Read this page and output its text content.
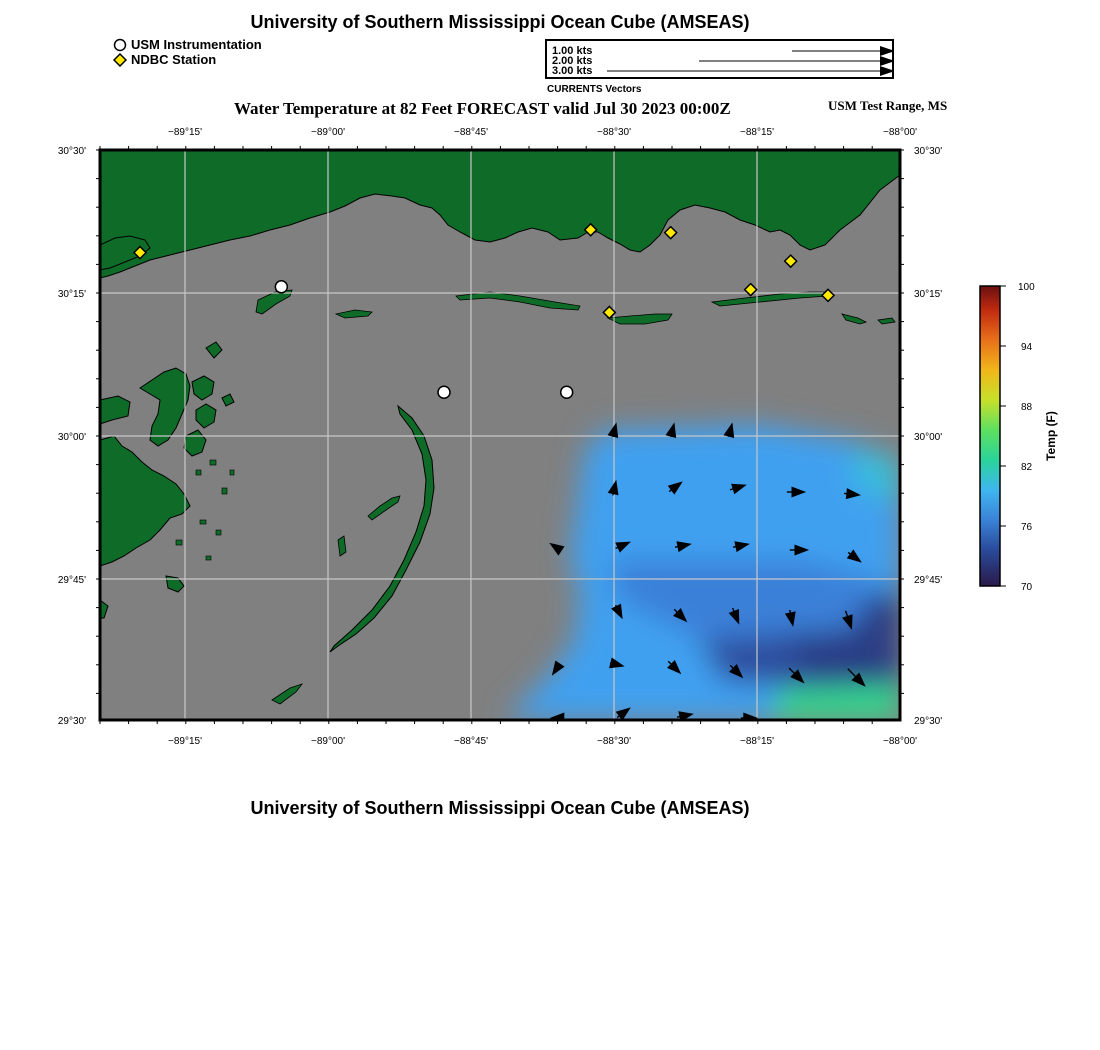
University of Southern Mississippi Ocean Cube (AMSEAS)
USM Instrumentation
NDBC Station
1.00 kts
2.00 kts
3.00 kts
CURRENTS Vectors
Water Temperature at 82 Feet FORECAST valid Jul 30 2023 00:00Z	USM Test Range, MS
−89°15'	−89°00'	−88°45'	−88°30'	−88°15'	−88°00'
−89°15'	−89°00'	−88°45'	−88°30'	−88°15'	−88°00'
30°30'
30°15'
30°00'
29°45'
29°30'
30°30'
30°15'
30°00'
29°45'
29°30'
100
94
88
82
76
70
Temp (F)
University of Southern Mississippi Ocean Cube (AMSEAS)
